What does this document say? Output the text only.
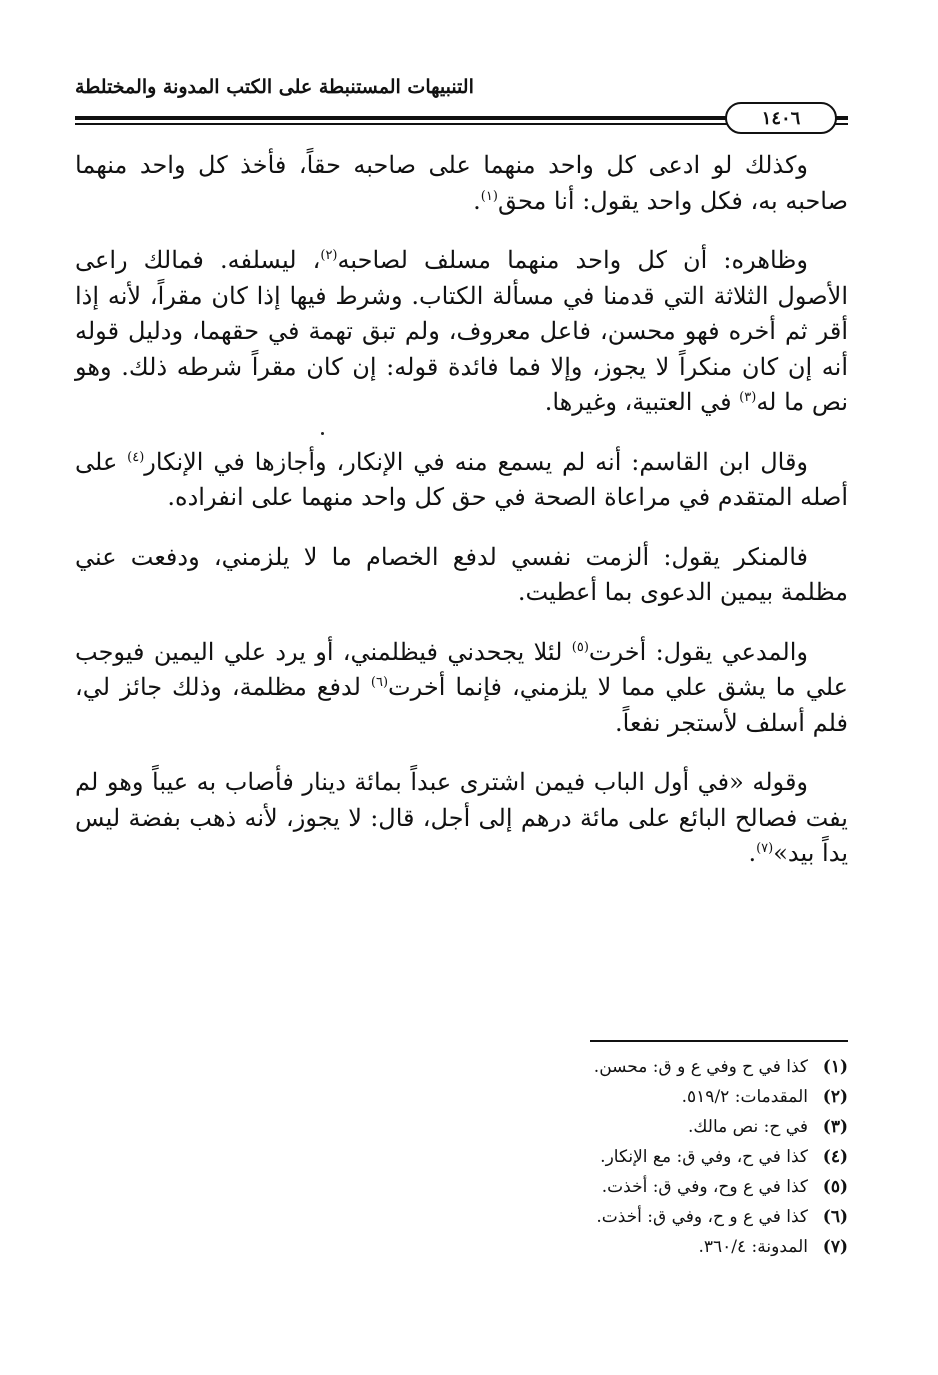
التنبيهات المستنبطة على الكتب المدونة والمختلطة
١٤٠٦

وكذلك لو ادعى كل واحد منهما على صاحبه حقاً، فأخذ كل واحد منهما صاحبه به، فكل واحد يقول: أنا محق$^{(١)}$.

وظاهره: أن كل واحد منهما مسلف لصاحبه$^{(٢)}$، ليسلفه. فمالك راعى الأصول الثلاثة التي قدمنا في مسألة الكتاب. وشرط فيها إذا كان مقراً، لأنه إذا أقر ثم أخره فهو محسن، فاعل معروف، ولم تبق تهمة في حقهما، ودليل قوله أنه إن كان منكراً لا يجوز، وإلا فما فائدة قوله: إن كان مقراً شرطه ذلك. وهو نص ما له$^{(٣)}$ في العتبية، وغيرها.

وقال ابن القاسم: أنه لم يسمع منه في الإنكار، وأجازها في الإنكار$^{(٤)}$ على أصله المتقدم في مراعاة الصحة في حق كل واحد منهما على انفراده.

فالمنكر يقول: ألزمت نفسي لدفع الخصام ما لا يلزمني، ودفعت عني مظلمة بيمين الدعوى بما أعطيت.

والمدعي يقول: أخرت$^{(٥)}$ لئلا يجحدني فيظلمني، أو يرد علي اليمين فيوجب علي ما يشق علي مما لا يلزمني، فإنما أخرت$^{(٦)}$ لدفع مظلمة، وذلك جائز لي، فلم أسلف لأستجر نفعاً.

وقوله «في أول الباب فيمن اشترى عبداً بمائة دينار فأصاب به عيباً وهو لم يفت فصالح البائع على مائة درهم إلى أجل، قال: لا يجوز، لأنه ذهب بفضة ليس يداً بيد»$^{(٧)}$.

(١)كذا في ح وفي ع و ق: محسن.
(٢)المقدمات: ٥١٩/٢.
(٣)في ح: نص مالك.
(٤)كذا في ح، وفي ق: مع الإنكار.
(٥)كذا في ع وح، وفي ق: أخذت.
(٦)كذا في ع و ح، وفي ق: أخذت.
(٧)المدونة: ٣٦٠/٤.
